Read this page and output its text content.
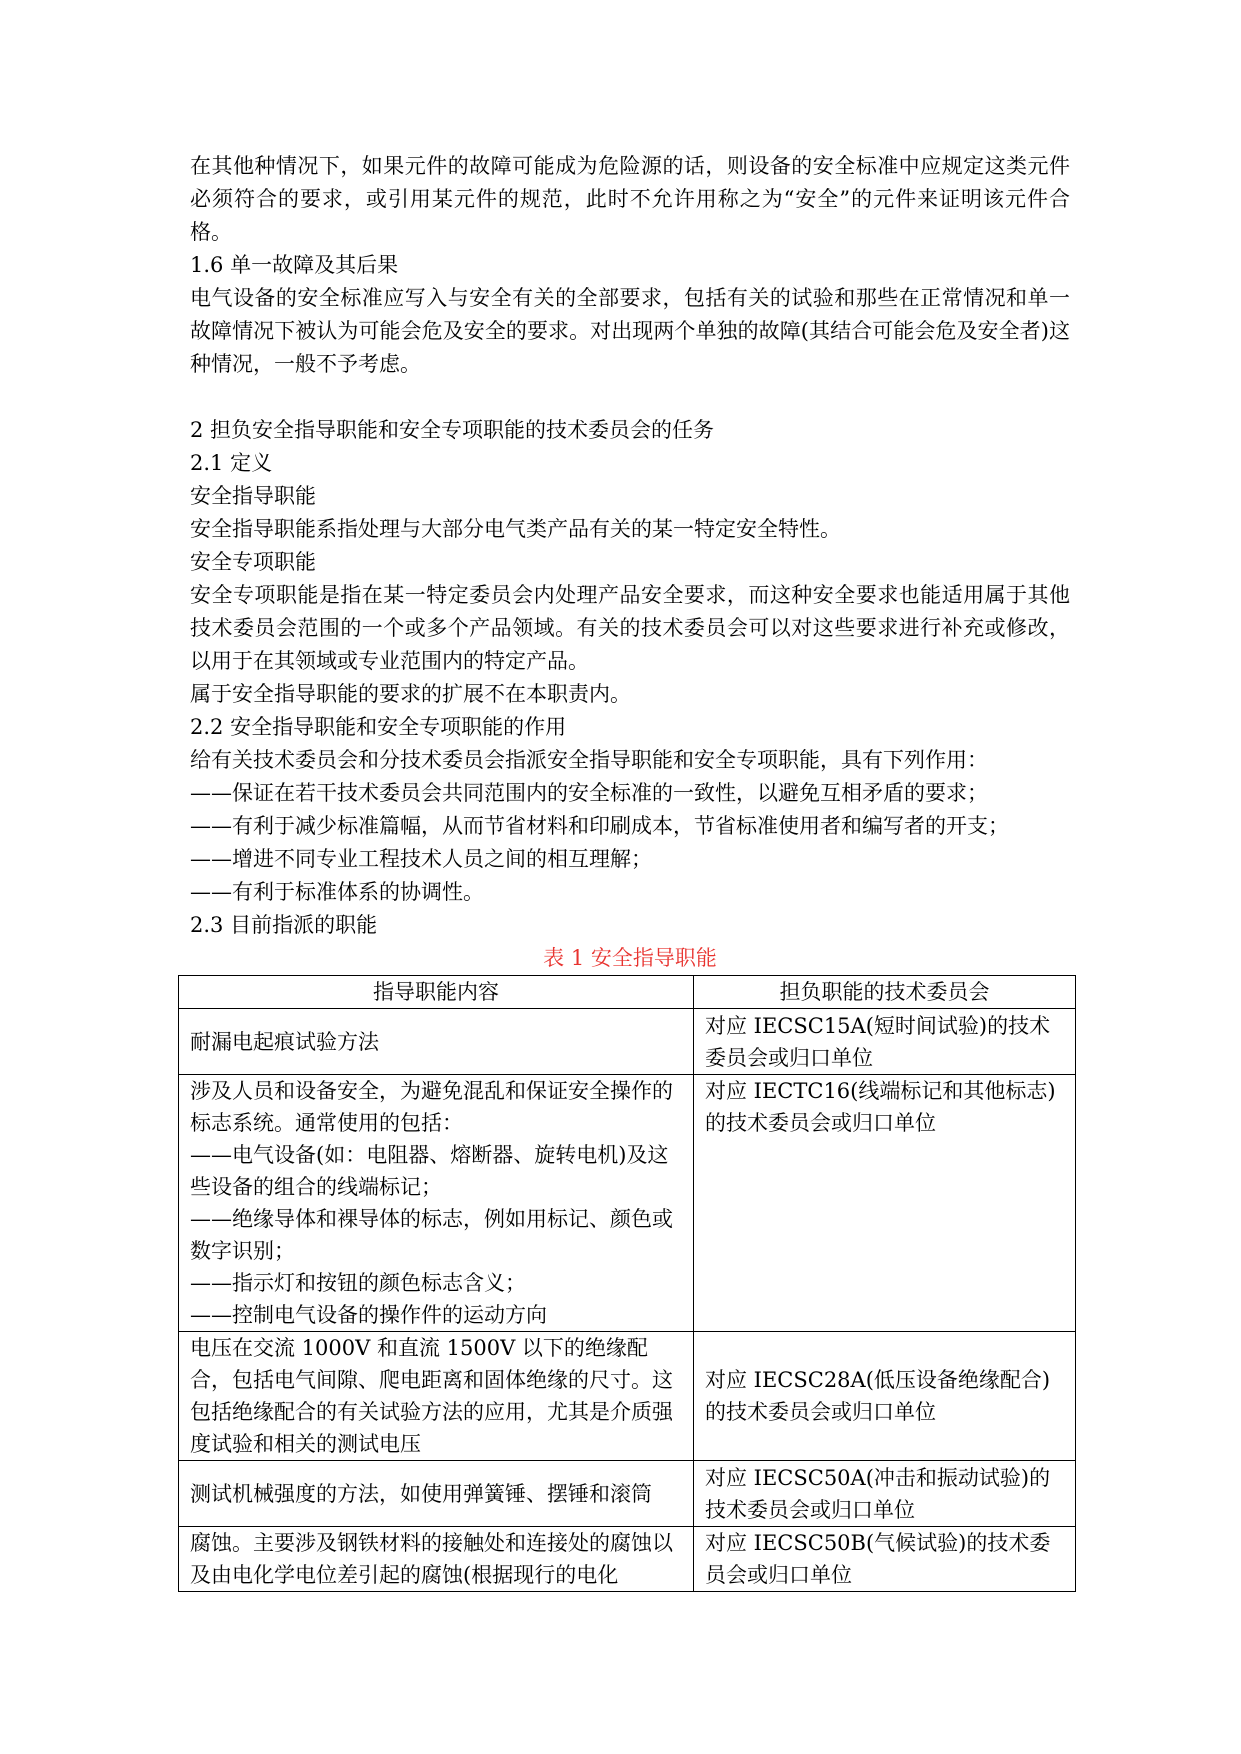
在其他种情况下，如果元件的故障可能成为危险源的话，则设备的安全标准中应规定这类元件必须符合的要求，或引用某元件的规范，此时不允许用称之为“安全”的元件来证明该元件合格。

1.6 单一故障及其后果

电气设备的安全标准应写入与安全有关的全部要求，包括有关的试验和那些在正常情况和单一故障情况下被认为可能会危及安全的要求。对出现两个单独的故障(其结合可能会危及安全者)这种情况，一般不予考虑。

2 担负安全指导职能和安全专项职能的技术委员会的任务

2.1 定义

安全指导职能

安全指导职能系指处理与大部分电气类产品有关的某一特定安全特性。

安全专项职能

安全专项职能是指在某一特定委员会内处理产品安全要求，而这种安全要求也能适用属于其他技术委员会范围的一个或多个产品领域。有关的技术委员会可以对这些要求进行补充或修改，以用于在其领域或专业范围内的特定产品。

属于安全指导职能的要求的扩展不在本职责内。

2.2 安全指导职能和安全专项职能的作用

给有关技术委员会和分技术委员会指派安全指导职能和安全专项职能，具有下列作用：

——保证在若干技术委员会共同范围内的安全标准的一致性，以避免互相矛盾的要求；

——有利于减少标准篇幅，从而节省材料和印刷成本，节省标准使用者和编写者的开支；

——增进不同专业工程技术人员之间的相互理解；

——有利于标准体系的协调性。

2.3 目前指派的职能

表 1 安全指导职能

指导职能内容	担负职能的技术委员会
耐漏电起痕试验方法	对应 IECSC15A(短时间试验)的技术委员会或归口单位

涉及人员和设备安全，为避免混乱和保证安全操作的标志系统。通常使用的包括：
——电气设备(如：电阻器、熔断器、旋转电机)及这些设备的组合的线端标记；
——绝缘导体和裸导体的标志，例如用标记、颜色或数字识别；
——指示灯和按钮的颜色标志含义；
——控制电气设备的操作件的运动方向	对应 IECTC16(线端标记和其他标志)的技术委员会或归口单位
电压在交流 1000V 和直流 1500V 以下的绝缘配合，包括电气间隙、爬电距离和固体绝缘的尺寸。这包括绝缘配合的有关试验方法的应用，尤其是介质强度试验和相关的测试电压	对应 IECSC28A(低压设备绝缘配合)的技术委员会或归口单位
测试机械强度的方法，如使用弹簧锤、摆锤和滚筒	对应 IECSC50A(冲击和振动试验)的技术委员会或归口单位
腐蚀。主要涉及钢铁材料的接触处和连接处的腐蚀以及由电化学电位差引起的腐蚀(根据现行的电化	对应 IECSC50B(气候试验)的技术委员会或归口单位
